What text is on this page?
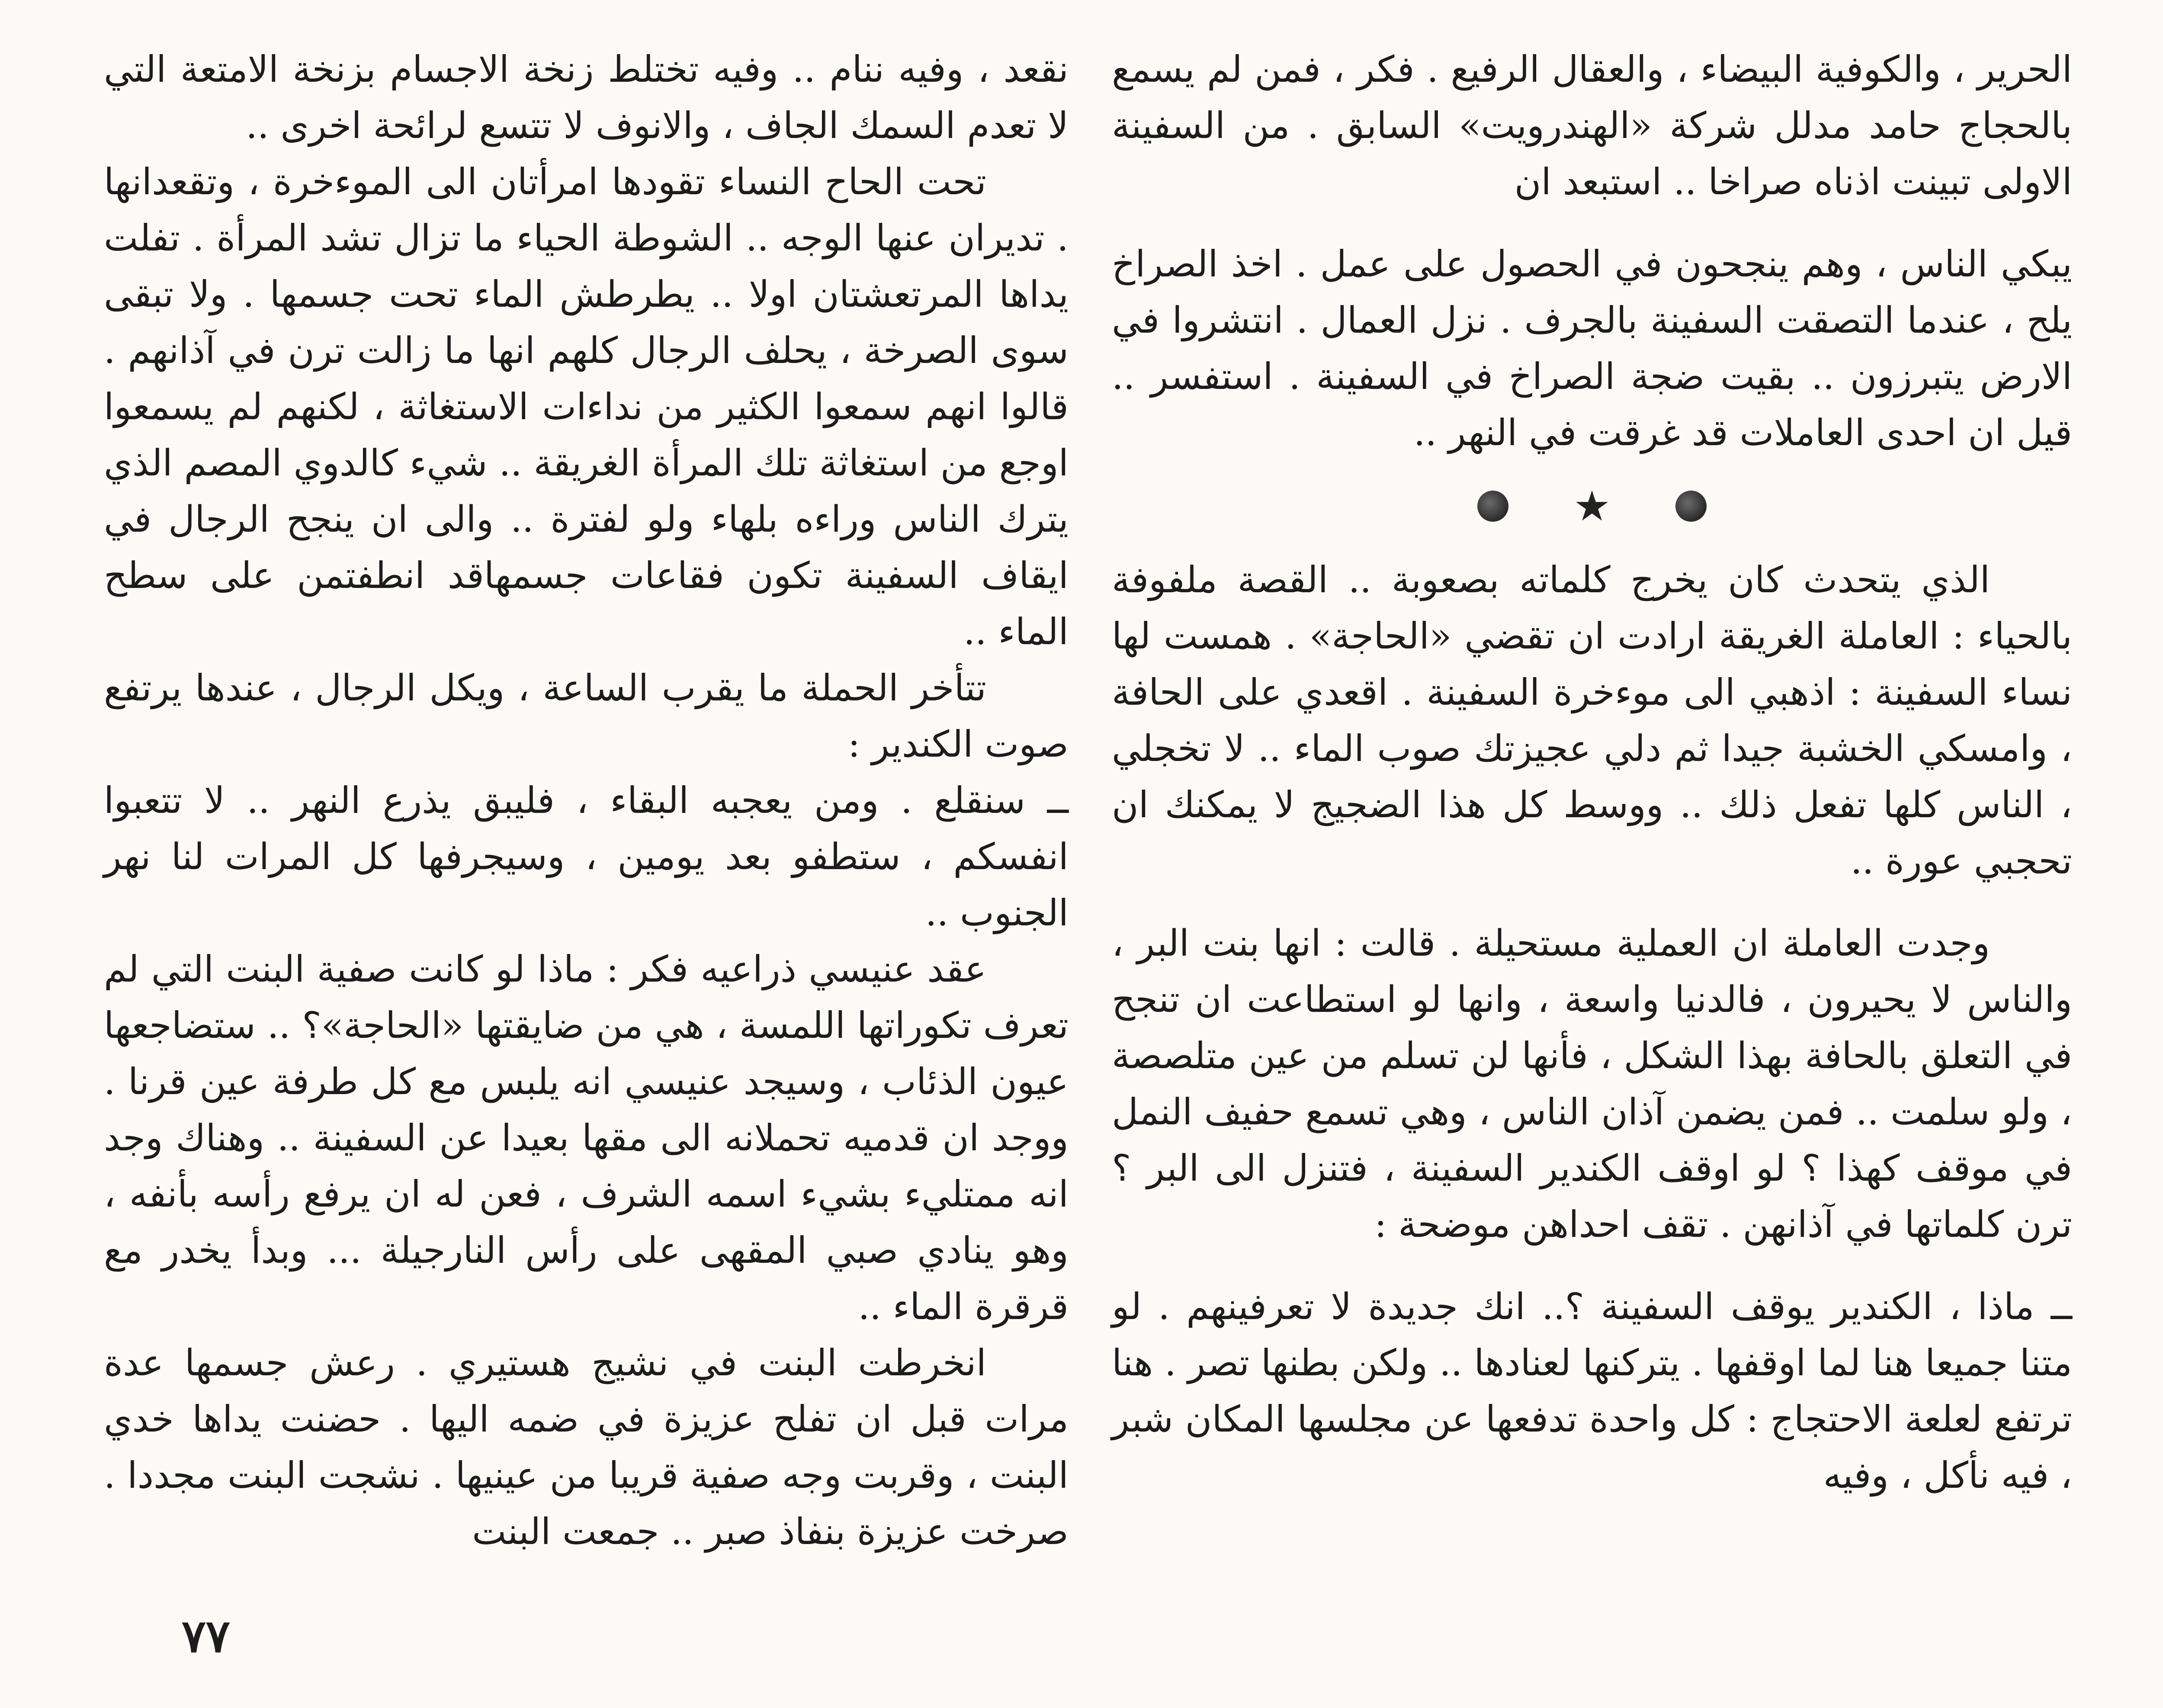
الحرير ، والكوفية البيضاء ، والعقال الرفيع . فكر ، فمن لم يسمع بالحجاج حامد مدلل شركة «الهندرويت» السابق . من السفينة الاولى تبينت اذناه صراخا .. استبعد ان

يبكي الناس ، وهم ينجحون في الحصول على عمل . اخذ الصراخ يلح ، عندما التصقت السفينة بالجرف . نزل العمال . انتشروا في الارض يتبرزون .. بقيت ضجة الصراخ في السفينة . استفسر .. قيل ان احدى العاملات قد غرقت في النهر ..

★

الذي يتحدث كان يخرج كلماته بصعوبة .. القصة ملفوفة بالحياء : العاملة الغريقة ارادت ان تقضي «الحاجة» . همست لها نساء السفينة : اذهبي الى موءخرة السفينة . اقعدي على الحافة ، وامسكي الخشبة جيدا ثم دلي عجيزتك صوب الماء .. لا تخجلي ، الناس كلها تفعل ذلك .. ووسط كل هذا الضجيج لا يمكنك ان تحجبي عورة ..

وجدت العاملة ان العملية مستحيلة . قالت : انها بنت البر ، والناس لا يحيرون ، فالدنيا واسعة ، وانها لو استطاعت ان تنجح في التعلق بالحافة بهذا الشكل ، فأنها لن تسلم من عين متلصصة ، ولو سلمت .. فمن يضمن آذان الناس ، وهي تسمع حفيف النمل في موقف كهذا ؟ لو اوقف الكندير السفينة ، فتنزل الى البر ؟ ترن كلماتها في آذانهن . تقف احداهن موضحة :

ــ ماذا ، الكندير يوقف السفينة ؟.. انك جديدة لا تعرفينهم . لو متنا جميعا هنا لما اوقفها . يتركنها لعنادها .. ولكن بطنها تصر . هنا ترتفع لعلعة الاحتجاج : كل واحدة تدفعها عن مجلسها المكان شبر ، فيه نأكل ، وفيه

نقعد ، وفيه ننام .. وفيه تختلط زنخة الاجسام بزنخة الامتعة التي لا تعدم السمك الجاف ، والانوف لا تتسع لرائحة اخرى ..

تحت الحاح النساء تقودها امرأتان الى الموءخرة ، وتقعدانها . تديران عنها الوجه .. الشوطة الحياء ما تزال تشد المرأة . تفلت يداها المرتعشتان اولا .. يطرطش الماء تحت جسمها . ولا تبقى سوى الصرخة ، يحلف الرجال كلهم انها ما زالت ترن في آذانهم . قالوا انهم سمعوا الكثير من نداءات الاستغاثة ، لكنهم لم يسمعوا اوجع من استغاثة تلك المرأة الغريقة .. شيء كالدوي المصم الذي يترك الناس وراءه بلهاء ولو لفترة .. والى ان ينجح الرجال في ايقاف السفينة تكون فقاعات جسمهاقد انطفتمن على سطح الماء ..

تتأخر الحملة ما يقرب الساعة ، ويكل الرجال ، عندها يرتفع صوت الكندير :

ــ سنقلع . ومن يعجبه البقاء ، فليبق يذرع النهر .. لا تتعبوا انفسكم ، ستطفو بعد يومين ، وسيجرفها كل المرات لنا نهر الجنوب ..

عقد عنيسي ذراعيه فكر : ماذا لو كانت صفية البنت التي لم تعرف تكوراتها اللمسة ، هي من ضايقتها «الحاجة»؟ .. ستضاجعها عيون الذئاب ، وسيجد عنيسي انه يلبس مع كل طرفة عين قرنا . ووجد ان قدميه تحملانه الى مقها بعيدا عن السفينة .. وهناك وجد انه ممتليء بشيء اسمه الشرف ، فعن له ان يرفع رأسه بأنفه ، وهو ينادي صبي المقهى على رأس النارجيلة ... وبدأ يخدر مع قرقرة الماء ..

انخرطت البنت في نشيج هستيري . رعش جسمها عدة مرات قبل ان تفلح عزيزة في ضمه اليها . حضنت يداها خدي البنت ، وقربت وجه صفية قريبا من عينيها . نشجت البنت مجددا . صرخت عزيزة بنفاذ صبر .. جمعت البنت

٧٧
